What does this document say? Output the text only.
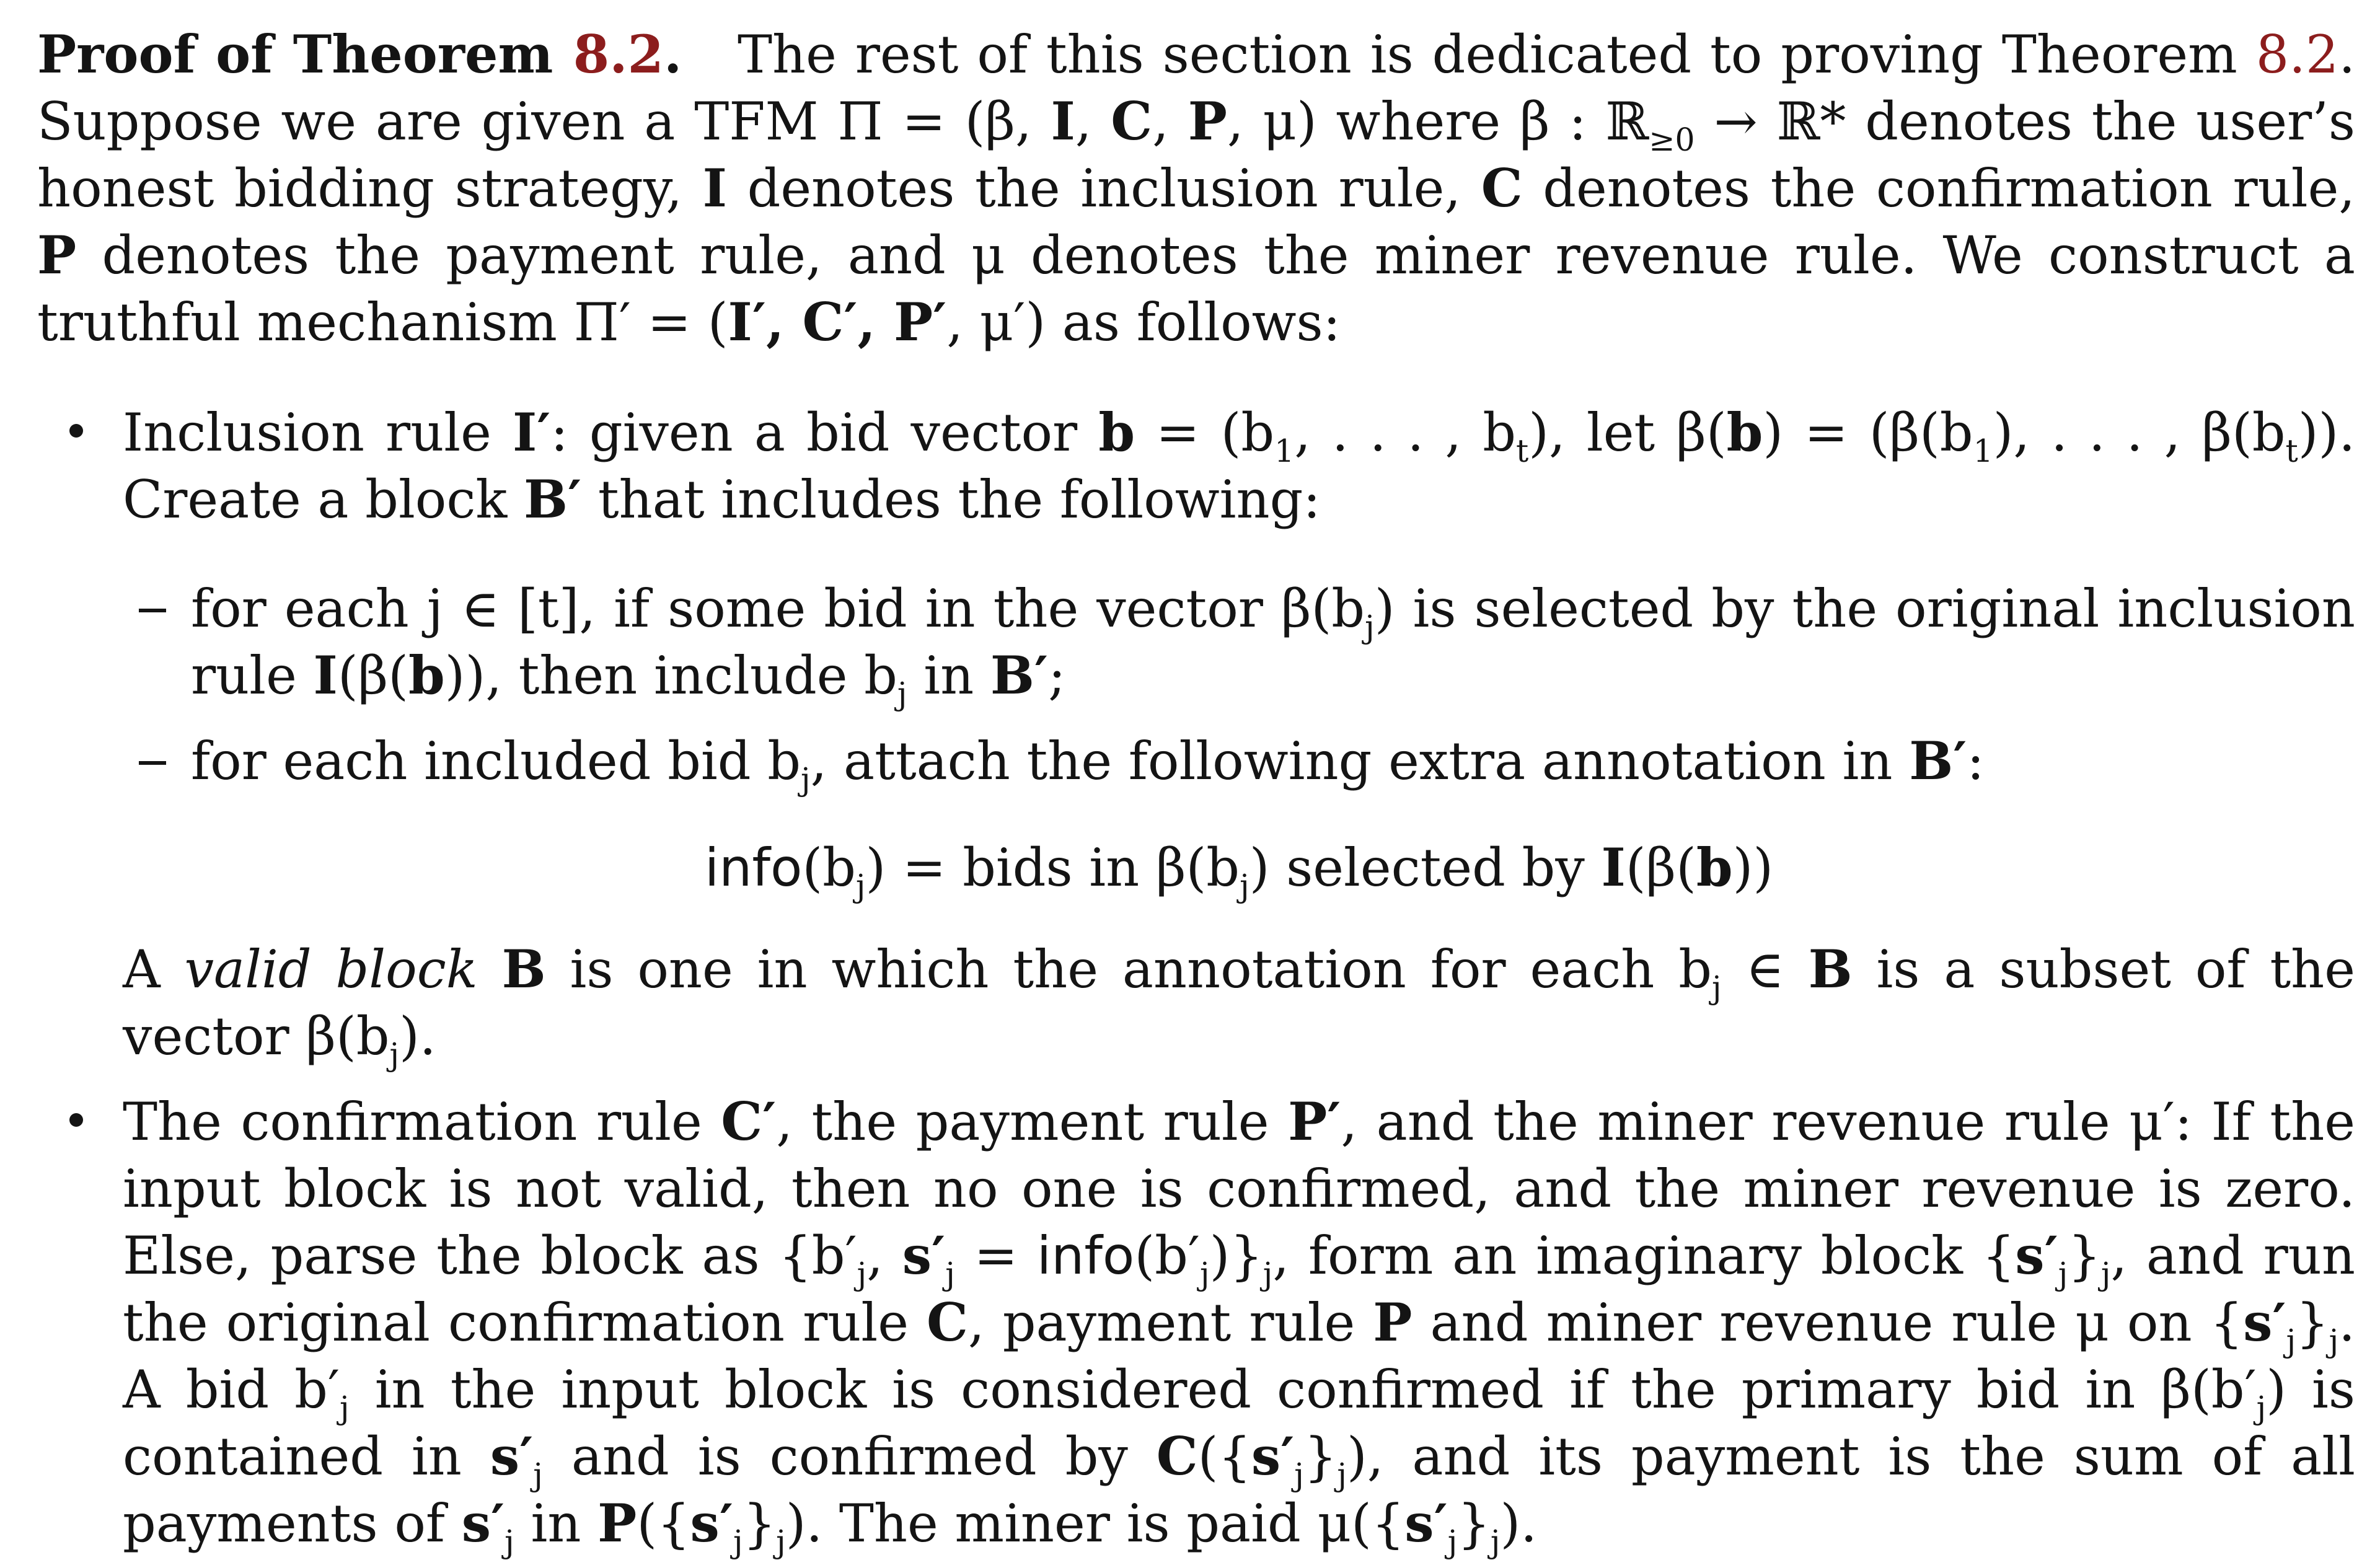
Proof of Theorem 8.2. The rest of this section is dedicated to proving Theorem 8.2. Suppose we are given a TFM Π = (β, I, C, P, μ) where β : ℝ$_{\ge 0}$ → ℝ* denotes the user’s honest bidding strategy, I denotes the inclusion rule, C denotes the confirmation rule, P denotes the payment rule, and μ denotes the miner revenue rule. We construct a truthful mechanism Π′ = (I′, C′, P′, μ′) as follows:

Inclusion rule I′: given a bid vector $b = (b_1$, . . . , $b_t$), let $\beta(b) = (\beta(b_1)$, . . . , $\beta(b_t)$). Create a block B′ that includes the following:
for each j ∈ [t], if some bid in the vector $\beta(b_j)$ is selected by the original inclusion rule I(β(b)), then include $b_j$ in B′;
for each included bid $b_j$, attach the following extra annotation in B′:
$info(b_j)$ = bids in $\beta(b_j)$ selected by I(β(b))
A valid block B is one in which the annotation for each $b_j$ ∈ B is a subset of the vector $\beta(b_j)$.
The confirmation rule C′, the payment rule P′, and the miner revenue rule μ′: If the input block is not valid, then no one is confirmed, and the miner revenue is zero. Else, parse the block as {$b'_j$, $s'_j$ = $info(b'_j)\}_j$, form an imaginary block $\{s'_j\}_j$, and run the original confirmation rule C, payment rule P and miner revenue rule μ on $\{s'_j\}_j$. A bid $b'_j$ in the input block is considered confirmed if the primary bid in $\beta(b'_j)$ is contained in $s'_j$ and is confirmed by $C(\{s'_j\}_j)$, and its payment is the sum of all payments of $s'_j$ in $P(\{s'_j\}_j)$. The miner is paid $\mu(\{s'_j\}_j)$.
